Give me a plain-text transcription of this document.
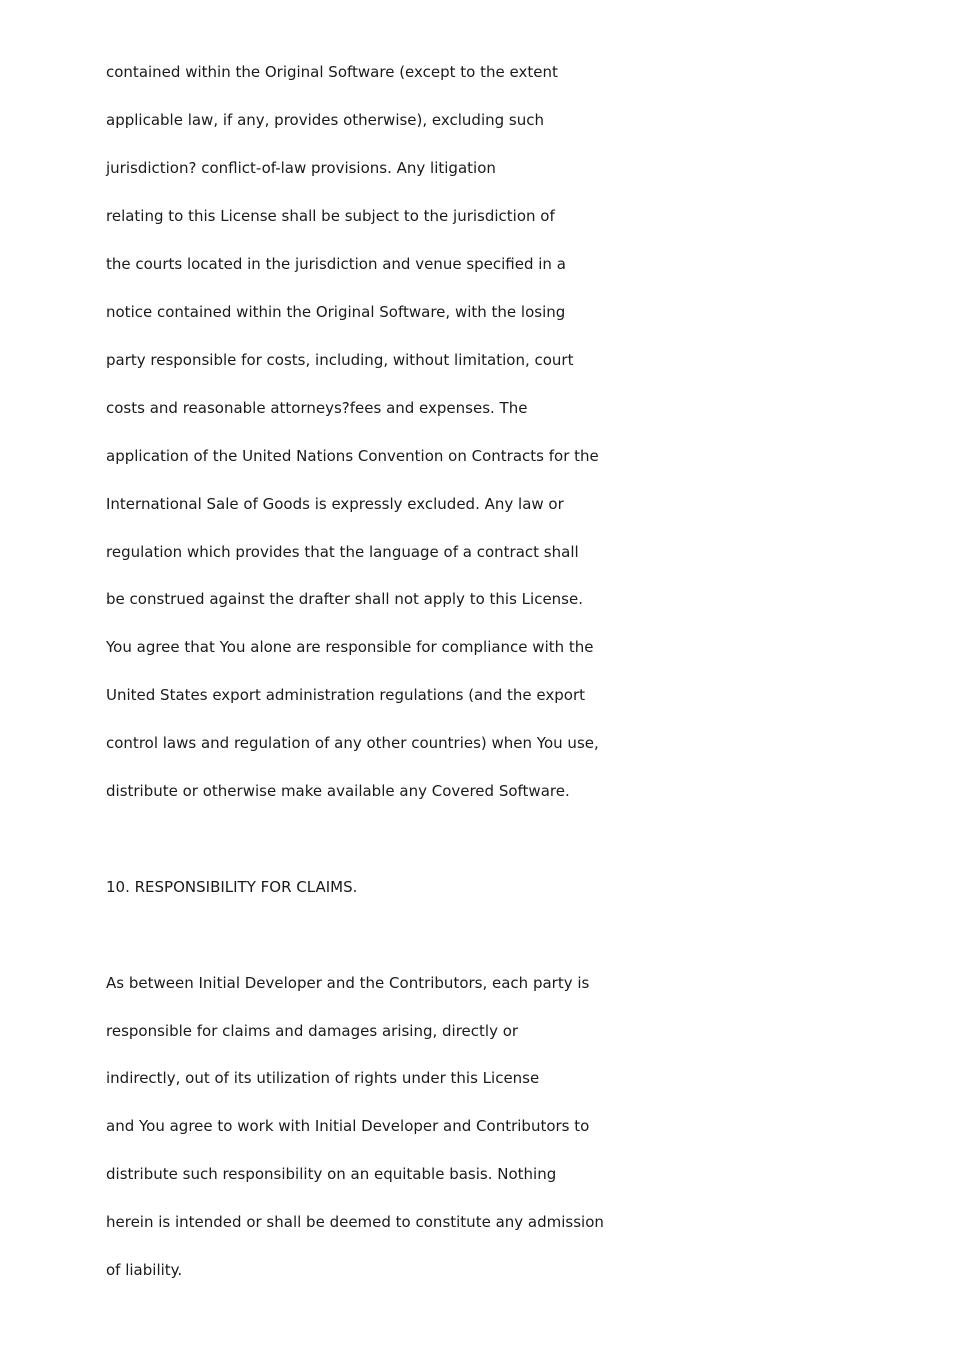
contained within the Original Software (except to the extent
applicable law, if any, provides otherwise), excluding such
jurisdiction? conflict-of-law provisions. Any litigation
relating to this License shall be subject to the jurisdiction of
the courts located in the jurisdiction and venue specified in a
notice contained within the Original Software, with the losing
party responsible for costs, including, without limitation, court
costs and reasonable attorneys?fees and expenses. The
application of the United Nations Convention on Contracts for the
International Sale of Goods is expressly excluded. Any law or
regulation which provides that the language of a contract shall
be construed against the drafter shall not apply to this License.
You agree that You alone are responsible for compliance with the
United States export administration regulations (and the export
control laws and regulation of any other countries) when You use,
distribute or otherwise make available any Covered Software.
10. RESPONSIBILITY FOR CLAIMS.
As between Initial Developer and the Contributors, each party is
responsible for claims and damages arising, directly or
indirectly, out of its utilization of rights under this License
and You agree to work with Initial Developer and Contributors to
distribute such responsibility on an equitable basis. Nothing
herein is intended or shall be deemed to constitute any admission
of liability.
